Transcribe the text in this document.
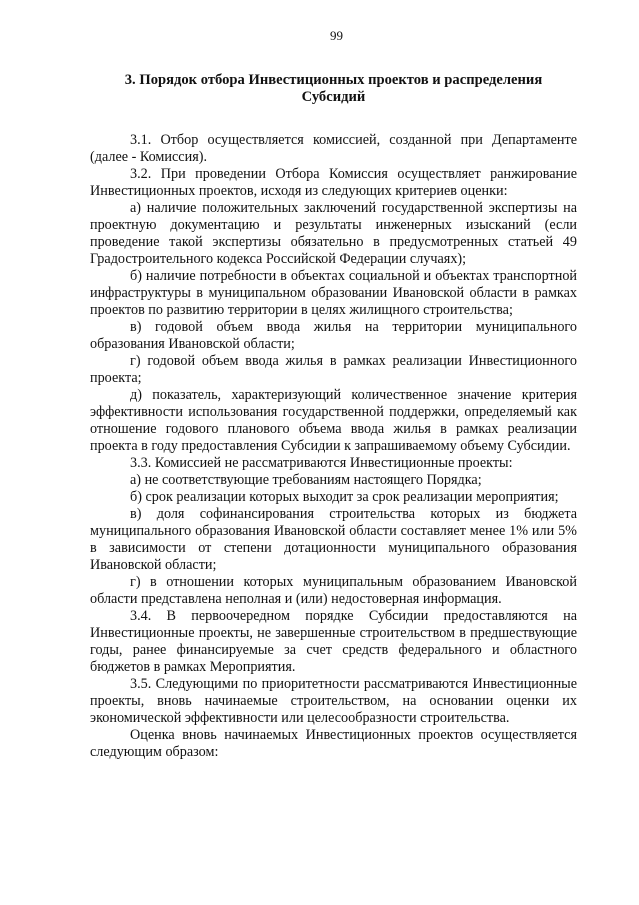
99
3. Порядок отбора Инвестиционных проектов и распределения
Субсидий

3.1. Отбор осуществляется комиссией, созданной при Департаменте (далее - Комиссия).

3.2. При проведении Отбора Комиссия осуществляет ранжирование Инвестиционных проектов, исходя из следующих критериев оценки:

а) наличие положительных заключений государственной экспертизы на проектную документацию и результаты инженерных изысканий (если проведение такой экспертизы обязательно в предусмотренных статьей 49 Градостроительного кодекса Российской Федерации случаях);

б) наличие потребности в объектах социальной и объектах транспортной инфраструктуры в муниципальном образовании Ивановской области в рамках проектов по развитию территории в целях жилищного строительства;

в) годовой объем ввода жилья на территории муниципального образования Ивановской области;

г) годовой объем ввода жилья в рамках реализации Инвестиционного проекта;

д) показатель, характеризующий количественное значение критерия эффективности использования государственной поддержки, определяемый как отношение годового планового объема ввода жилья в рамках реализации проекта в году предоставления Субсидии к запрашиваемому объему Субсидии.

3.3. Комиссией не рассматриваются Инвестиционные проекты:

а) не соответствующие требованиям настоящего Порядка;

б) срок реализации которых выходит за срок реализации мероприятия;

в) доля софинансирования строительства которых из бюджета муниципального образования Ивановской области составляет менее 1% или 5% в зависимости от степени дотационности муниципального образования Ивановской области;

г) в отношении которых муниципальным образованием Ивановской области представлена неполная и (или) недостоверная информация.

3.4. В первоочередном порядке Субсидии предоставляются на Инвестиционные проекты, не завершенные строительством в предшествующие годы, ранее финансируемые за счет средств федерального и областного бюджетов в рамках Мероприятия.

3.5. Следующими по приоритетности рассматриваются Инвестиционные проекты, вновь начинаемые строительством, на основании оценки их экономической эффективности или целесообразности строительства.

Оценка вновь начинаемых Инвестиционных проектов осуществляется следующим образом:
